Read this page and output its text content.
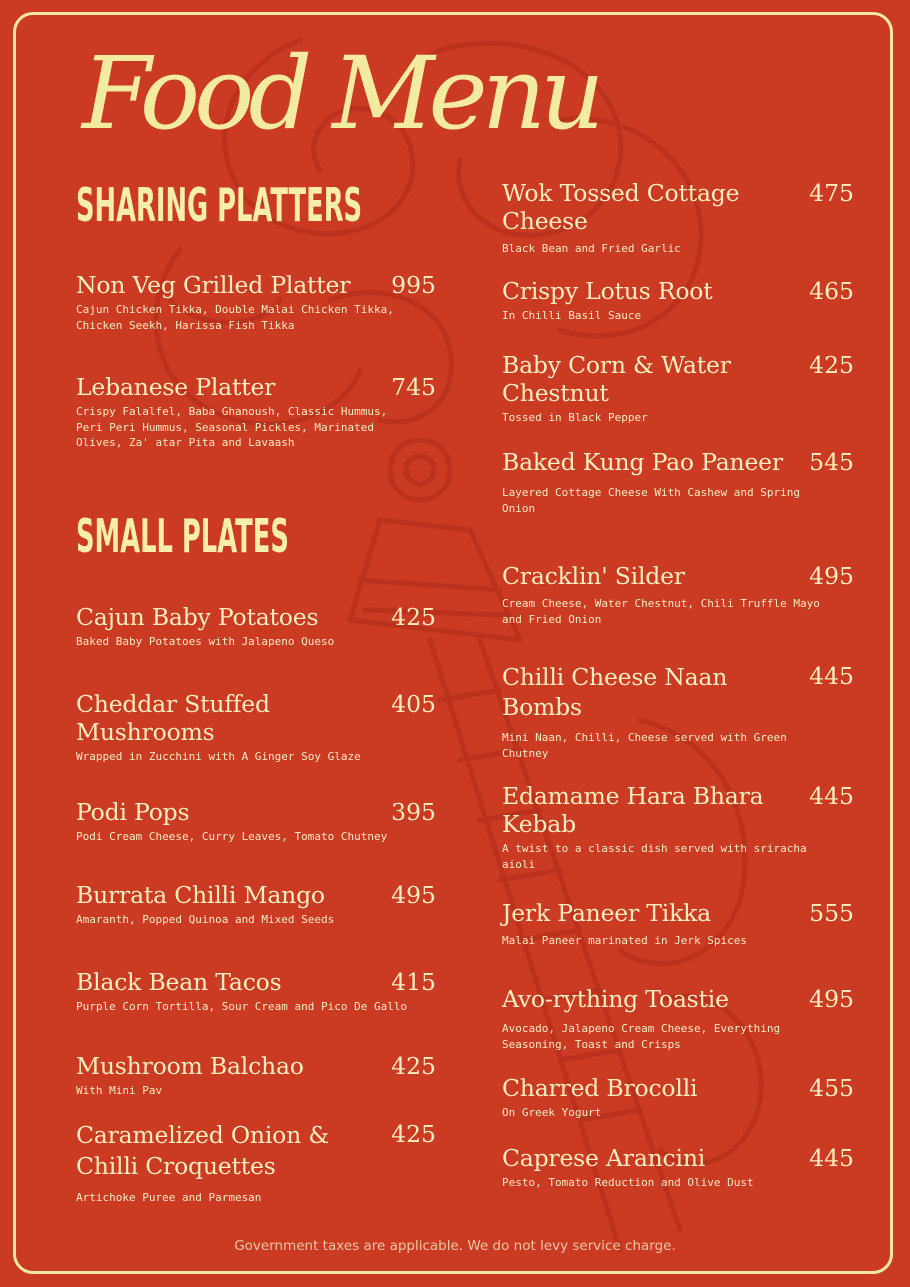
Food Menu
SHARING PLATTERS
Non Veg Grilled Platter	995
Cajun Chicken Tikka, Double Malai Chicken Tikka, Chicken Seekh, Harissa Fish Tikka
Lebanese Platter	745
Crispy Falalfel, Baba Ghanoush, Classic Hummus, Peri Peri Hummus, Seasonal Pickles, Marinated Olives, Za' atar Pita and Lavaash
SMALL PLATES
Cajun Baby Potatoes	425
Baked Baby Potatoes with Jalapeno Queso
Cheddar Stuffed Mushrooms
405
Wrapped in Zucchini with A Ginger Soy Glaze
Podi Pops	395
Podi Cream Cheese, Curry Leaves, Tomato Chutney
Burrata Chilli Mango	495
Amaranth, Popped Quinoa and Mixed Seeds
Black Bean Tacos	415
Purple Corn Tortilla, Sour Cream and Pico De Gallo
Mushroom Balchao	425
With Mini Pav
Caramelized Onion & Chilli Croquettes
425
Artichoke Puree and Parmesan
Wok Tossed Cottage Cheese
475
Black Bean and Fried Garlic
Crispy Lotus Root	465
In Chilli Basil Sauce
Baby Corn & Water Chestnut
425
Tossed in Black Pepper
Baked Kung Pao Paneer	545
Layered Cottage Cheese With Cashew and Spring Onion
Cracklin' Silder	495
Cream Cheese, Water Chestnut, Chili Truffle Mayo and Fried Onion
Chilli Cheese Naan Bombs
445
Mini Naan, Chilli, Cheese served with Green Chutney
Edamame Hara Bhara Kebab
445
A twist to a classic dish served with sriracha aioli
Jerk Paneer Tikka	555
Malai Paneer marinated in Jerk Spices
Avo-rything Toastie	495
Avocado, Jalapeno Cream Cheese, Everything Seasoning, Toast and Crisps
Charred Brocolli	455
On Greek Yogurt
Caprese Arancini	445
Pesto, Tomato Reduction and Olive Dust
Government taxes are applicable. We do not levy service charge.
